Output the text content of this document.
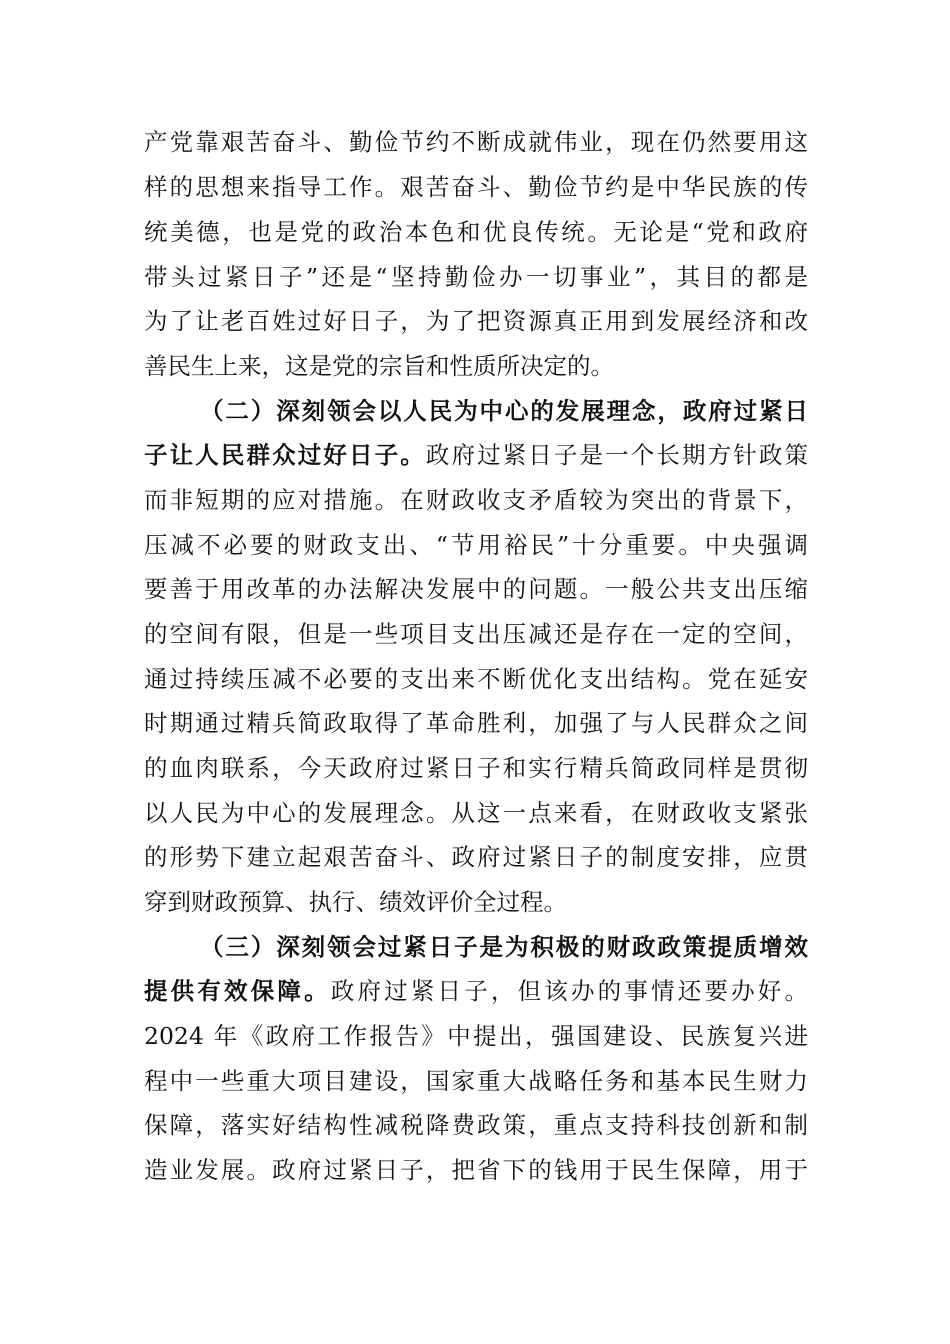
产党靠艰苦奋斗、勤俭节约不断成就伟业，现在仍然要用这
样的思想来指导工作。艰苦奋斗、勤俭节约是中华民族的传
统美德，也是党的政治本色和优良传统。无论是“党和政府
带头过紧日子”还是“坚持勤俭办一切事业”，其目的都是
为了让老百姓过好日子，为了把资源真正用到发展经济和改
善民生上来，这是党的宗旨和性质所决定的。
（二）深刻领会以人民为中心的发展理念，政府过紧日
子让人民群众过好日子。政府过紧日子是一个长期方针政策
而非短期的应对措施。在财政收支矛盾较为突出的背景下，
压减不必要的财政支出、“节用裕民”十分重要。中央强调
要善于用改革的办法解决发展中的问题。一般公共支出压缩
的空间有限，但是一些项目支出压减还是存在一定的空间，
通过持续压减不必要的支出来不断优化支出结构。党在延安
时期通过精兵简政取得了革命胜利，加强了与人民群众之间
的血肉联系，今天政府过紧日子和实行精兵简政同样是贯彻
以人民为中心的发展理念。从这一点来看，在财政收支紧张
的形势下建立起艰苦奋斗、政府过紧日子的制度安排，应贯
穿到财政预算、执行、绩效评价全过程。
（三）深刻领会过紧日子是为积极的财政政策提质增效
提供有效保障。政府过紧日子，但该办的事情还要办好。
2024 年《政府工作报告》中提出，强国建设、民族复兴进
程中一些重大项目建设，国家重大战略任务和基本民生财力
保障，落实好结构性减税降费政策，重点支持科技创新和制
造业发展。政府过紧日子，把省下的钱用于民生保障，用于
